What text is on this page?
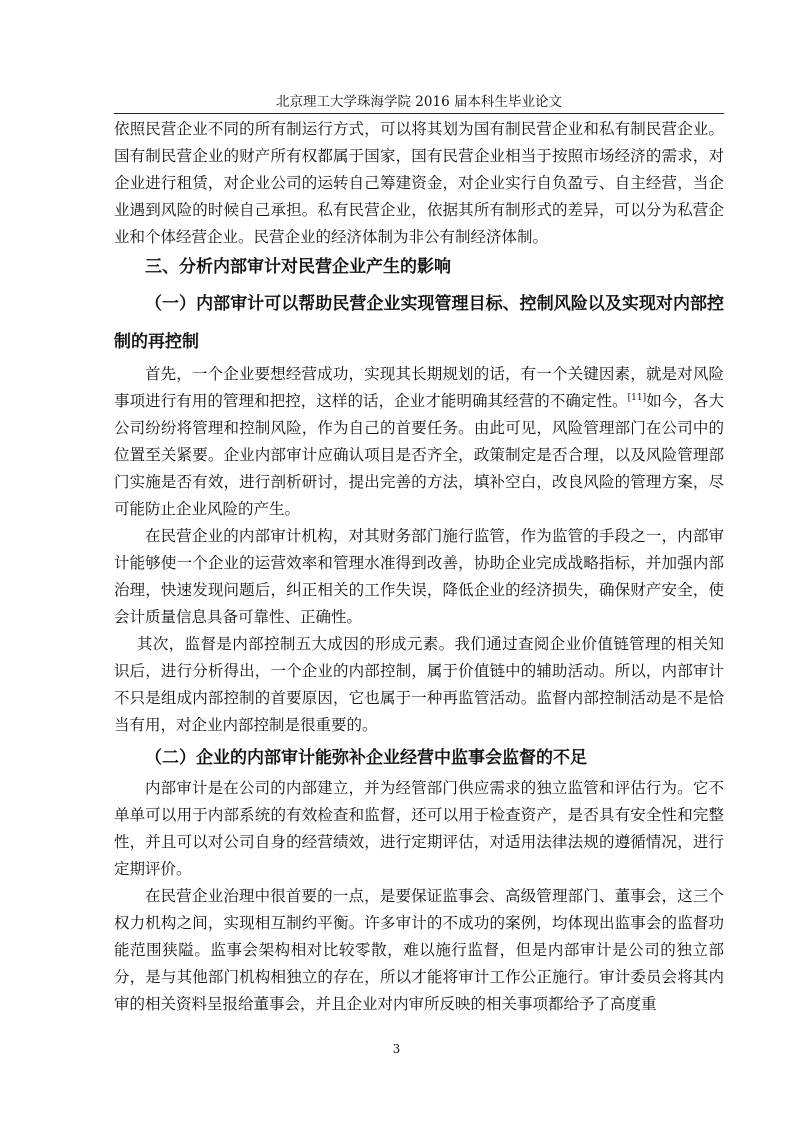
北京理工大学珠海学院 2016 届本科生毕业论文

依照民营企业不同的所有制运行方式，可以将其划为国有制民营企业和私有制民营企业。国有制民营企业的财产所有权都属于国家，国有民营企业相当于按照市场经济的需求，对企业进行租赁，对企业公司的运转自己筹建资金，对企业实行自负盈亏、自主经营，当企业遇到风险的时候自己承担。私有民营企业，依据其所有制形式的差异，可以分为私营企业和个体经营企业。民营企业的经济体制为非公有制经济体制。

三、分析内部审计对民营企业产生的影响
（一）内部审计可以帮助民营企业实现管理目标、控制风险以及实现对内部控制的再控制

首先，一个企业要想经营成功，实现其长期规划的话，有一个关键因素，就是对风险事项进行有用的管理和把控，这样的话，企业才能明确其经营的不确定性。[11]如今，各大公司纷纷将管理和控制风险，作为自己的首要任务。由此可见，风险管理部门在公司中的位置至关紧要。企业内部审计应确认项目是否齐全，政策制定是否合理，以及风险管理部门实施是否有效，进行剖析研讨，提出完善的方法，填补空白，改良风险的管理方案，尽可能防止企业风险的产生。

在民营企业的内部审计机构，对其财务部门施行监管，作为监管的手段之一，内部审计能够使一个企业的运营效率和管理水准得到改善，协助企业完成战略指标，并加强内部治理，快速发现问题后，纠正相关的工作失误，降低企业的经济损失，确保财产安全，使会计质量信息具备可靠性、正确性。

其次，监督是内部控制五大成因的形成元素。我们通过查阅企业价值链管理的相关知识后，进行分析得出，一个企业的内部控制，属于价值链中的辅助活动。所以，内部审计不只是组成内部控制的首要原因，它也属于一种再监管活动。监督内部控制活动是不是恰当有用，对企业内部控制是很重要的。

（二）企业的内部审计能弥补企业经营中监事会监督的不足

内部审计是在公司的内部建立，并为经管部门供应需求的独立监管和评估行为。它不单单可以用于内部系统的有效检查和监督，还可以用于检查资产，是否具有安全性和完整性，并且可以对公司自身的经营绩效，进行定期评估，对适用法律法规的遵循情况，进行定期评价。

在民营企业治理中很首要的一点，是要保证监事会、高级管理部门、董事会，这三个权力机构之间，实现相互制约平衡。许多审计的不成功的案例，均体现出监事会的监督功能范围狭隘。监事会架构相对比较零散，难以施行监督，但是内部审计是公司的独立部分，是与其他部门机构相独立的存在，所以才能将审计工作公正施行。审计委员会将其内审的相关资料呈报给董事会，并且企业对内审所反映的相关事项都给予了高度重

3
